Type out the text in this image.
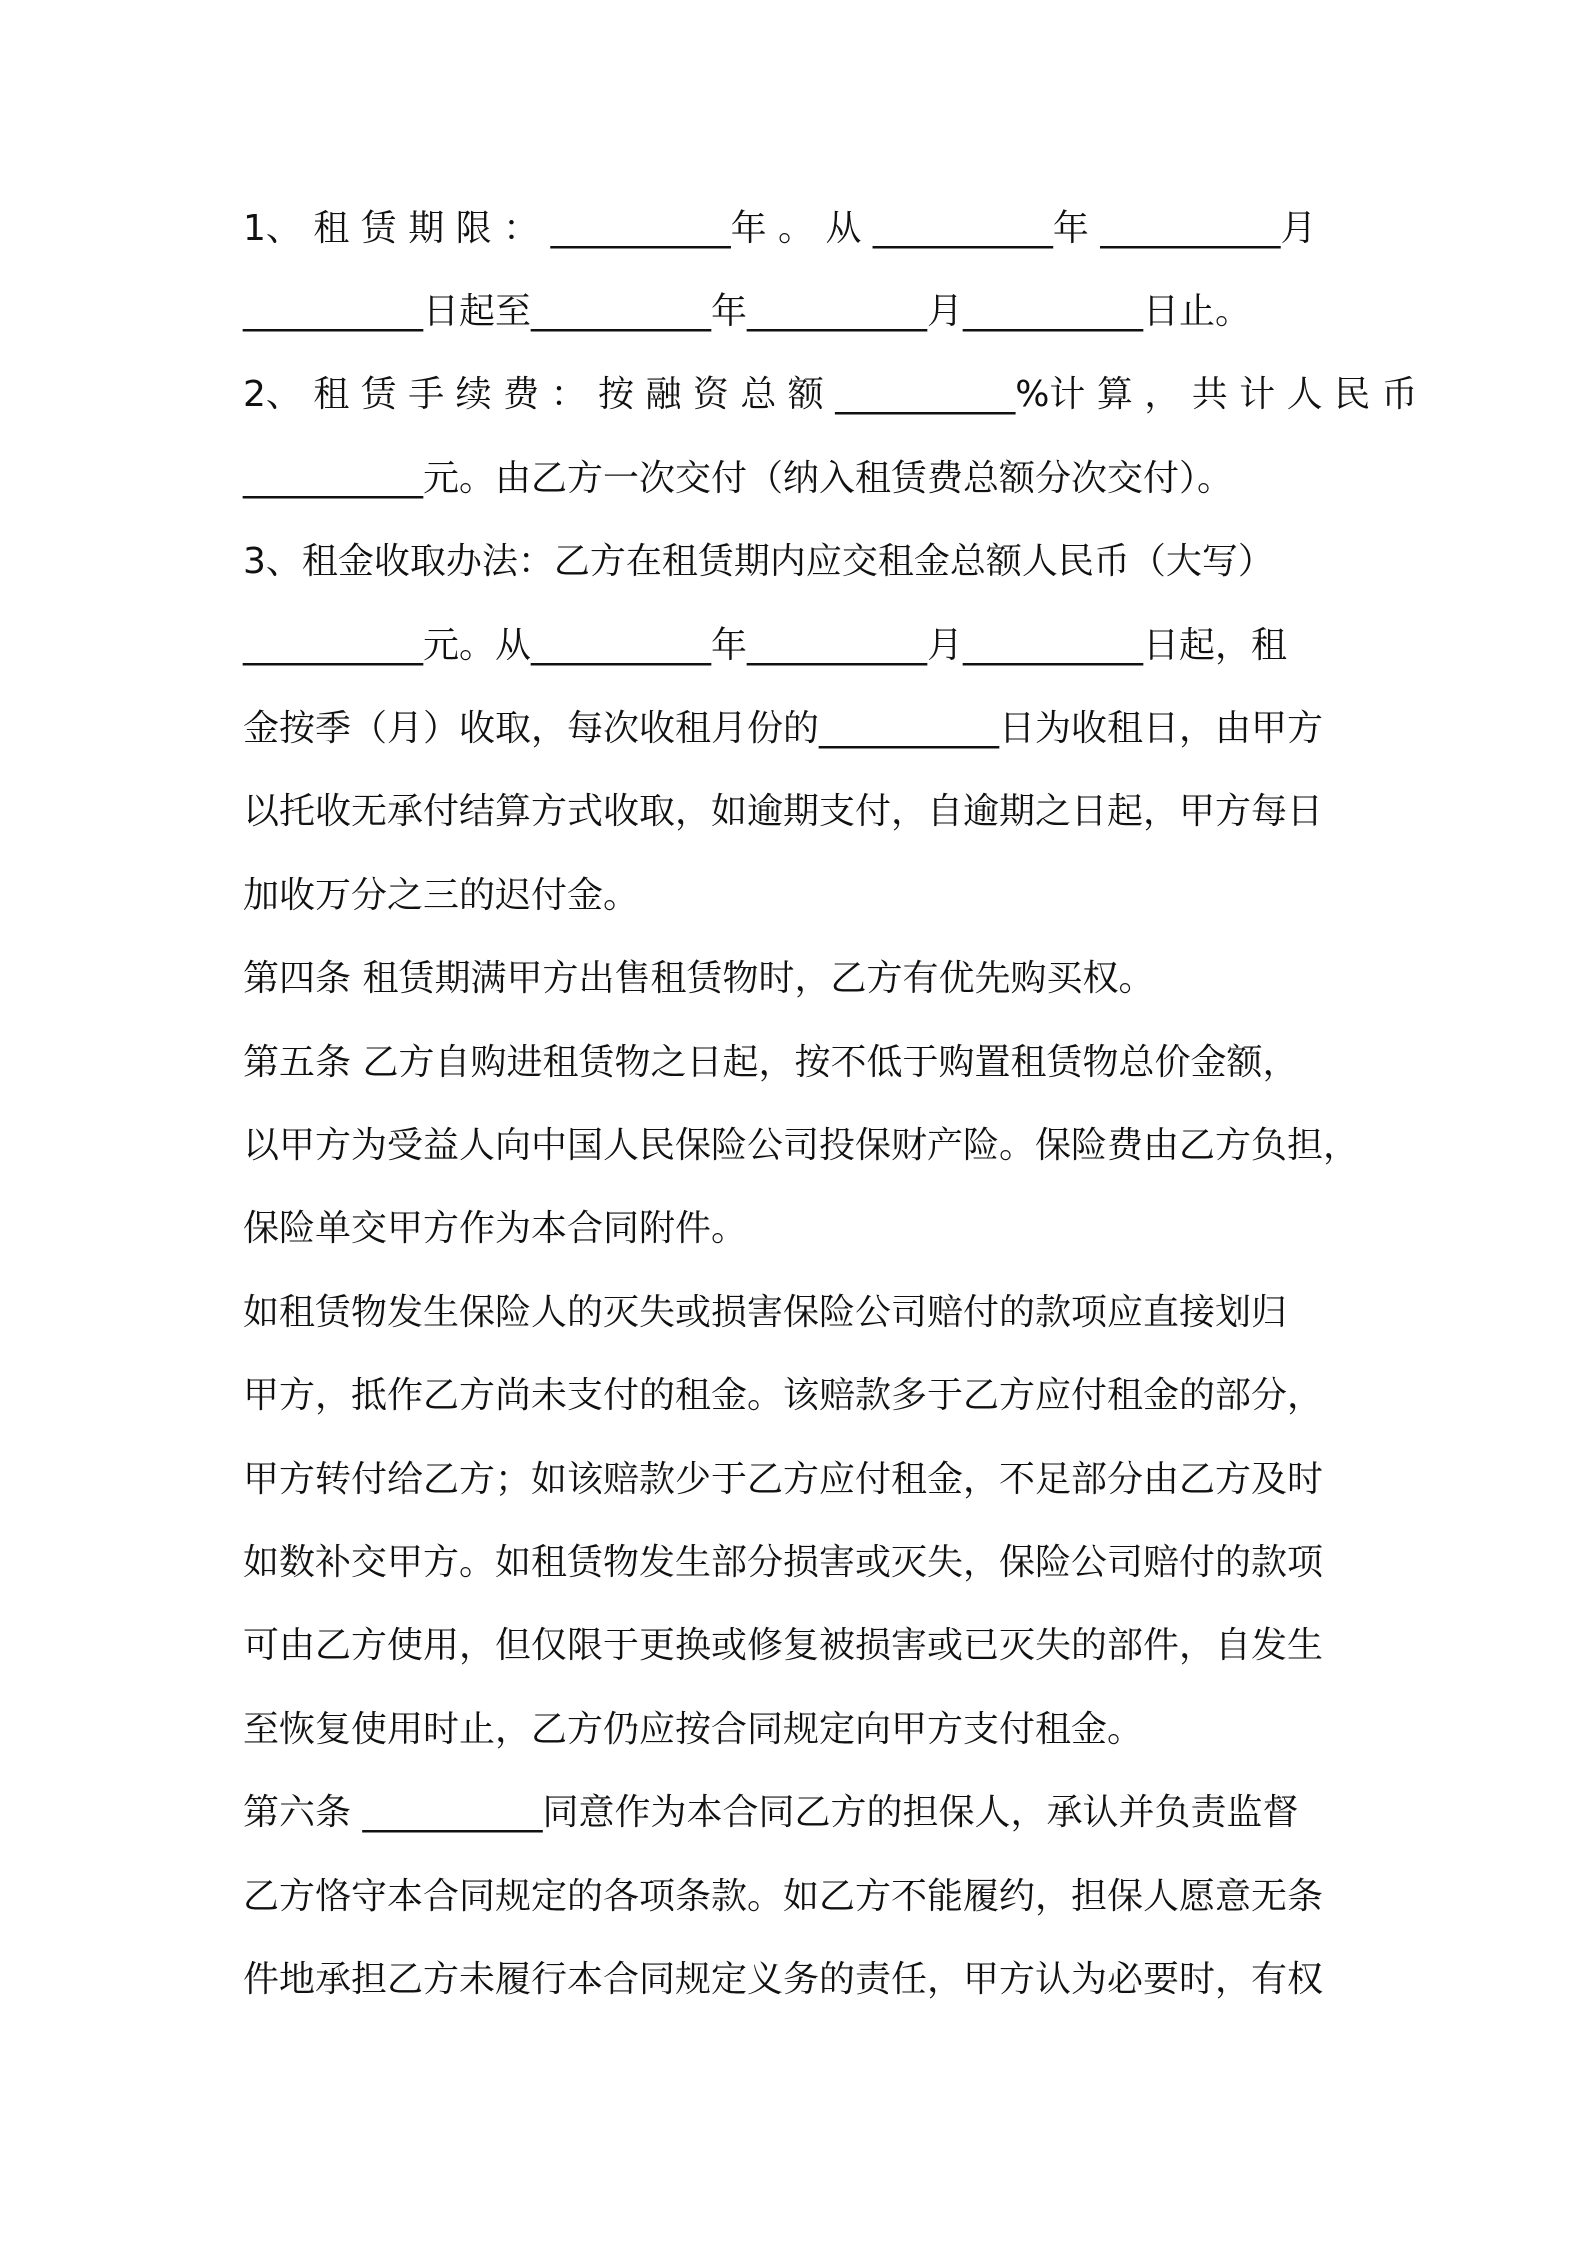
1、 租 赁 期 限 ： __________年 。 从 __________年 __________月
__________日起至__________年__________月__________日止。
2、 租 赁 手 续 费 ： 按 融 资 总 额 __________%计 算 ， 共 计 人 民 币
__________元。由乙方一次交付（纳入租赁费总额分次交付）。
3、租金收取办法：乙方在租赁期内应交租金总额人民币（大写）
__________元。从__________年__________月__________日起，租
金按季（月）收取，每次收租月份的__________日为收租日，由甲方
以托收无承付结算方式收取，如逾期支付，自逾期之日起，甲方每日
加收万分之三的迟付金。
第四条 租赁期满甲方出售租赁物时，乙方有优先购买权。
第五条 乙方自购进租赁物之日起，按不低于购置租赁物总价金额，
以甲方为受益人向中国人民保险公司投保财产险。保险费由乙方负担，
保险单交甲方作为本合同附件。
如租赁物发生保险人的灭失或损害保险公司赔付的款项应直接划归
甲方，抵作乙方尚未支付的租金。该赔款多于乙方应付租金的部分，
甲方转付给乙方；如该赔款少于乙方应付租金，不足部分由乙方及时
如数补交甲方。如租赁物发生部分损害或灭失，保险公司赔付的款项
可由乙方使用，但仅限于更换或修复被损害或已灭失的部件，自发生
至恢复使用时止，乙方仍应按合同规定向甲方支付租金。
第六条 __________同意作为本合同乙方的担保人，承认并负责监督
乙方恪守本合同规定的各项条款。如乙方不能履约，担保人愿意无条
件地承担乙方未履行本合同规定义务的责任，甲方认为必要时，有权
